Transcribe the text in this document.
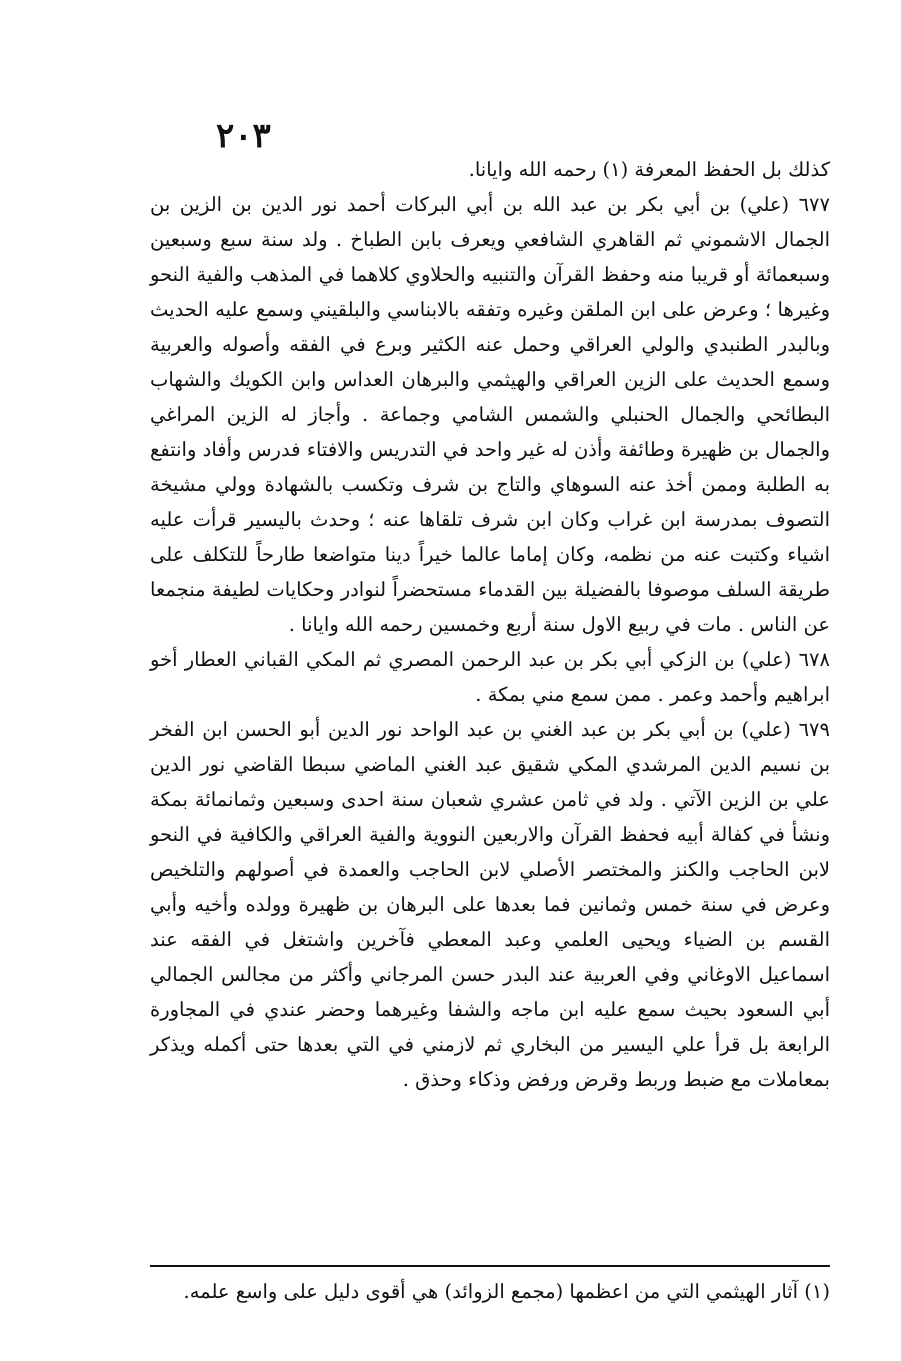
٢٠٣

كذلك بل الحفظ المعرفة (١) رحمه الله وايانا.

٦٧٧ (علي) بن أبي بكر بن عبد الله بن أبي البركات أحمد نور الدين بن الزين بن الجمال الاشموني ثم القاهري الشافعي ويعرف بابن الطباخ . ولد سنة سبع وسبعين وسبعمائة أو قريبا منه وحفظ القرآن والتنبيه والحلاوي كلاهما في المذهب والفية النحو وغيرها ؛ وعرض على ابن الملقن وغيره وتفقه بالابناسي والبلقيني وسمع عليه الحديث وبالبدر الطنبدي والولي العراقي وحمل عنه الكثير وبرع في الفقه وأصوله والعربية وسمع الحديث على الزين العراقي والهيثمي والبرهان العداس وابن الكويك والشهاب البطائحي والجمال الحنبلي والشمس الشامي وجماعة . وأجاز له الزين المراغي والجمال بن ظهيرة وطائفة وأذن له غير واحد في التدريس والافتاء فدرس وأفاد وانتفع به الطلبة وممن أخذ عنه السوهاي والتاج بن شرف وتكسب بالشهادة وولي مشيخة التصوف بمدرسة ابن غراب وكان ابن شرف تلقاها عنه ؛ وحدث باليسير قرأت عليه اشياء وكتبت عنه من نظمه، وكان إماما عالما خيراً دينا متواضعا طارحاً للتكلف على طريقة السلف موصوفا بالفضيلة بين القدماء مستحضراً لنوادر وحكايات لطيفة منجمعا عن الناس . مات في ربيع الاول سنة أربع وخمسين رحمه الله وايانا .

٦٧٨ (علي) بن الزكي أبي بكر بن عبد الرحمن المصري ثم المكي القباني العطار أخو ابراهيم وأحمد وعمر . ممن سمع مني بمكة .

٦٧٩ (علي) بن أبي بكر بن عبد الغني بن عبد الواحد نور الدين أبو الحسن ابن الفخر بن نسيم الدين المرشدي المكي شقيق عبد الغني الماضي سبطا القاضي نور الدين علي بن الزين الآتي . ولد في ثامن عشري شعبان سنة احدى وسبعين وثمانمائة بمكة ونشأ في كفالة أبيه فحفظ القرآن والاربعين النووية والفية العراقي والكافية في النحو لابن الحاجب والكنز والمختصر الأصلي لابن الحاجب والعمدة في أصولهم والتلخيص وعرض في سنة خمس وثمانين فما بعدها على البرهان بن ظهيرة وولده وأخيه وأبي القسم بن الضياء ويحيى العلمي وعبد المعطي فآخرين واشتغل في الفقه عند اسماعيل الاوغاني وفي العربية عند البدر حسن المرجاني وأكثر من مجالس الجمالي أبي السعود بحيث سمع عليه ابن ماجه والشفا وغيرهما وحضر عندي في المجاورة الرابعة بل قرأ علي اليسير من البخاري ثم لازمني في التي بعدها حتى أكمله ويذكر بمعاملات مع ضبط وربط وقرض ورفض وذكاء وحذق .

(١) آثار الهيثمي التي من اعظمها (مجمع الزوائد) هي أقوى دليل على واسع علمه.
